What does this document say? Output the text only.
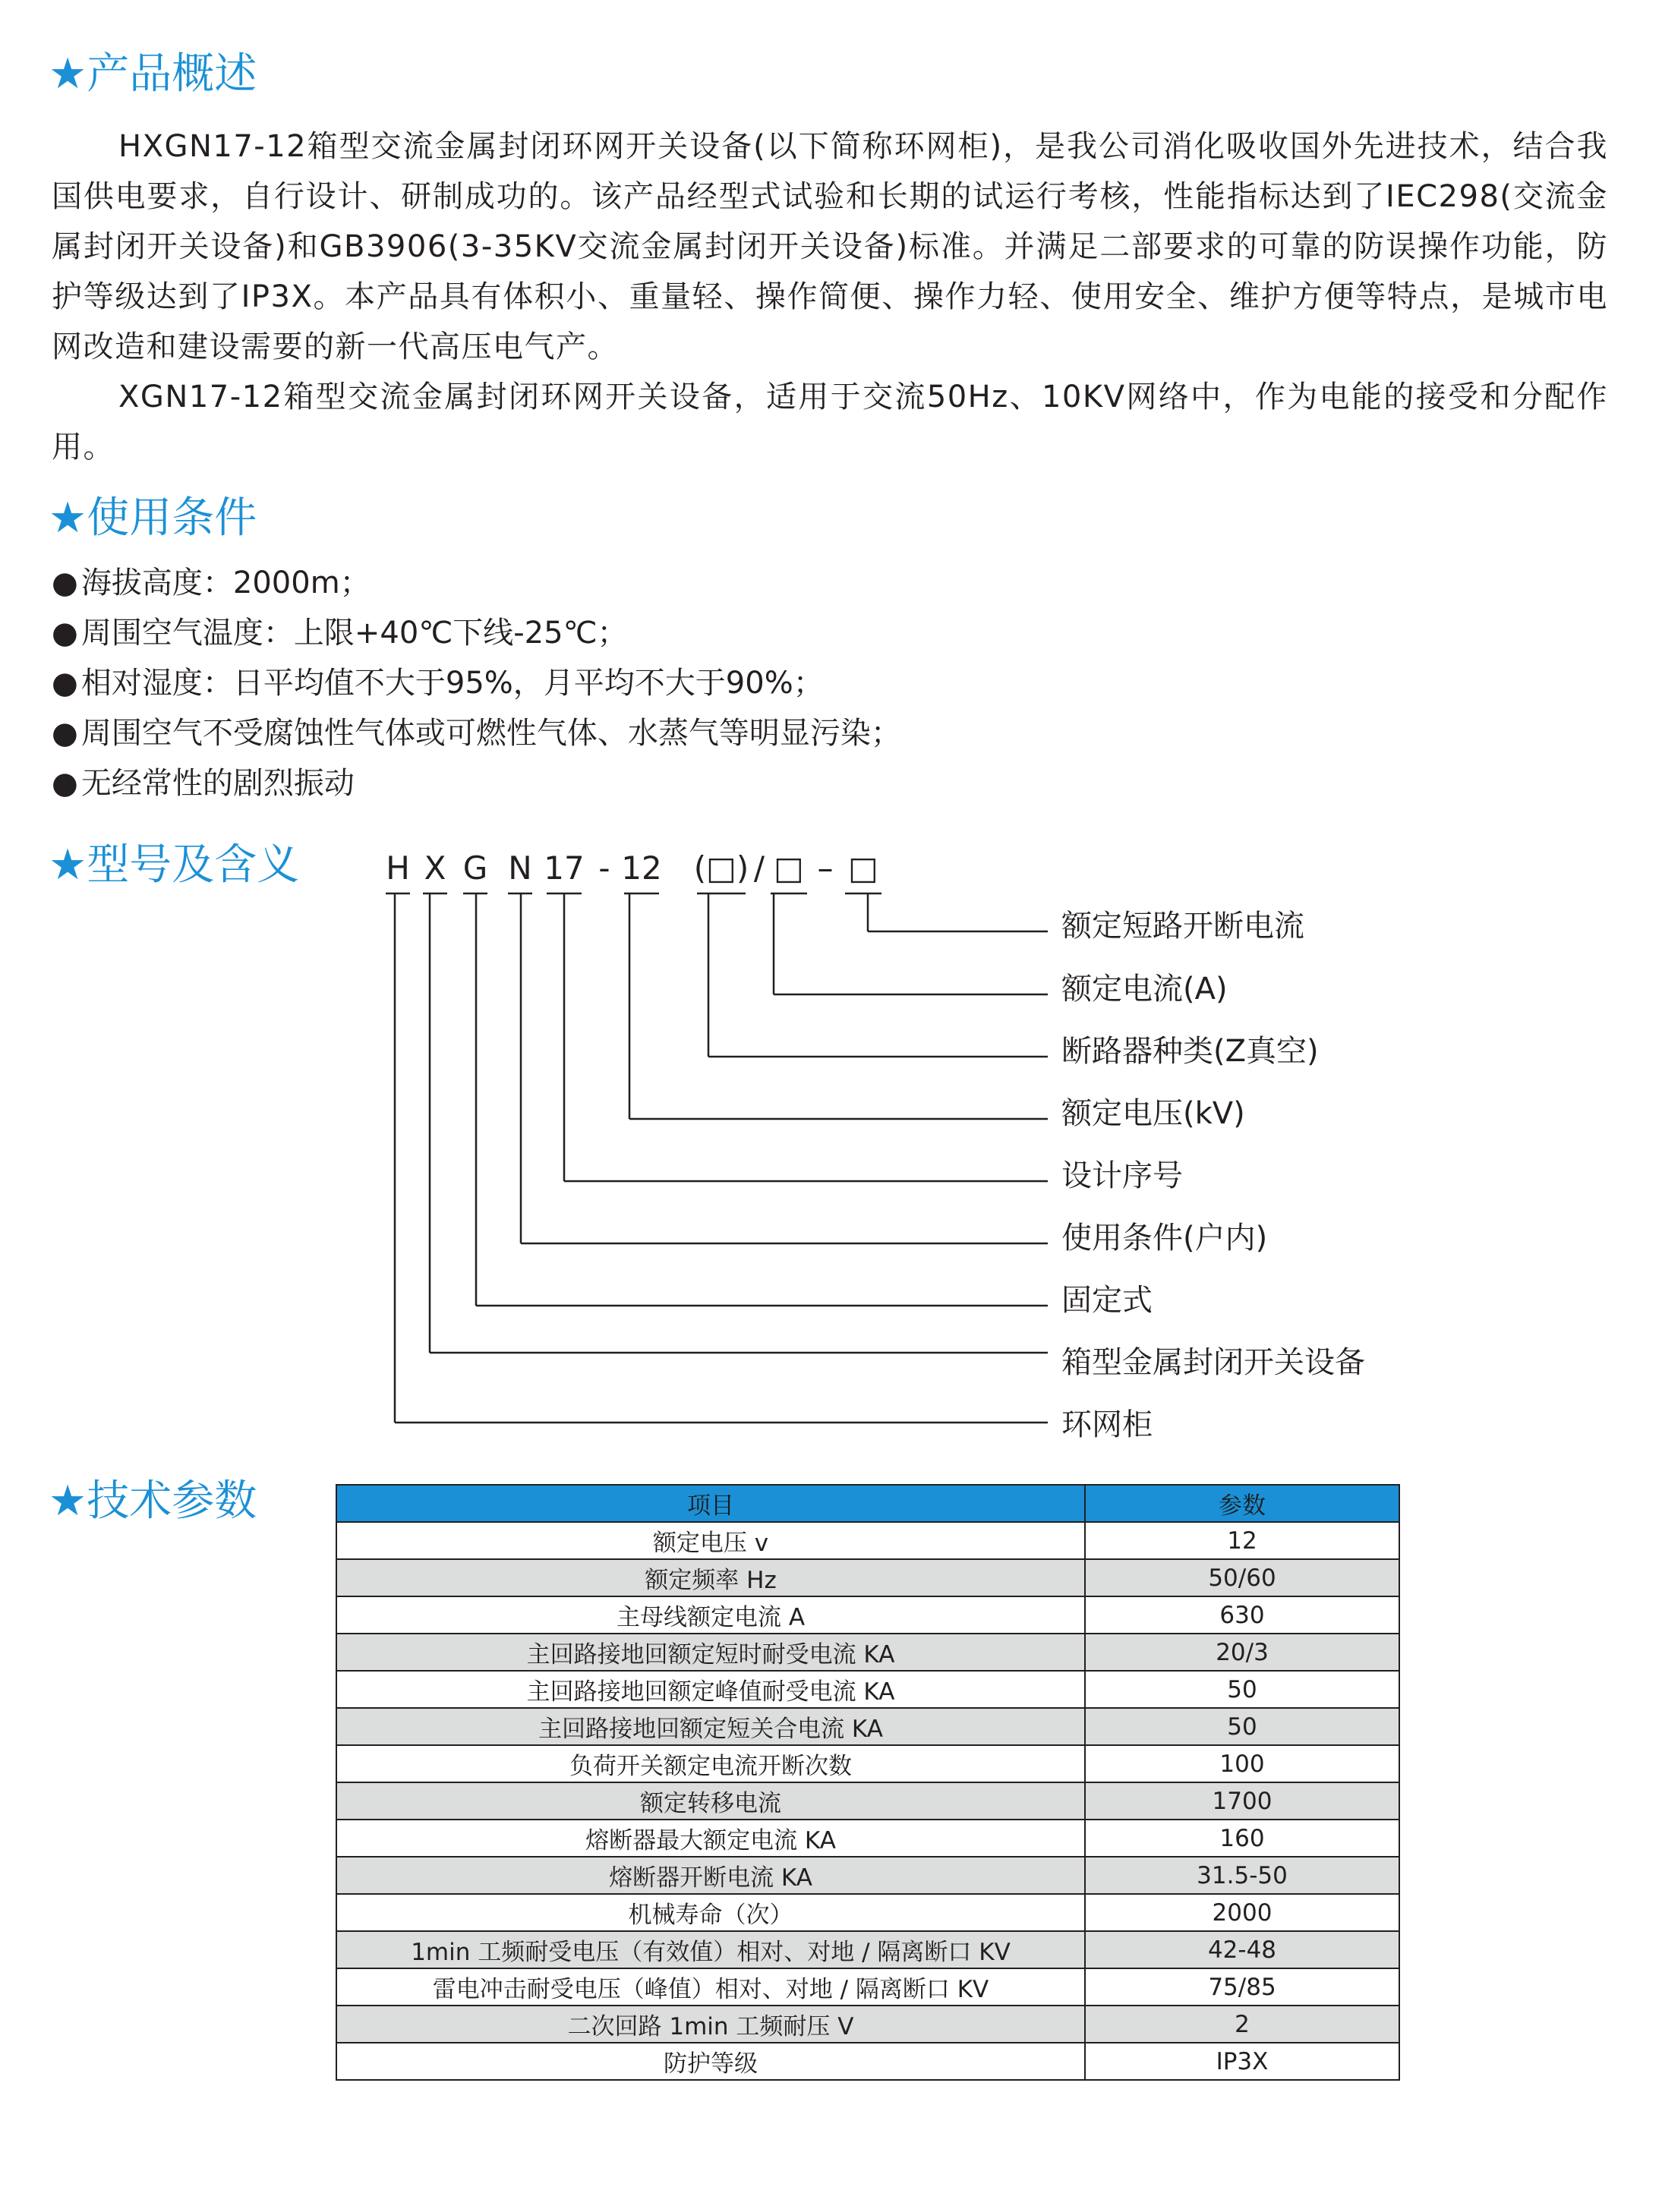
★产品概述

HXGN17-12箱型交流金属封闭环网开关设备(以下简称环网柜)，是我公司消化吸收国外先进技术，结合我国供电要求，自行设计、研制成功的。该产品经型式试验和长期的试运行考核，性能指标达到了IEC298(交流金属封闭开关设备)和GB3906(3-35KV交流金属封闭开关设备)标准。并满足二部要求的可靠的防误操作功能，防护等级达到了IP3X。本产品具有体积小、重量轻、操作简便、操作力轻、使用安全、维护方便等特点，是城市电网改造和建设需要的新一代高压电气产。

XGN17-12箱型交流金属封闭环网开关设备，适用于交流50Hz、10KV网络中，作为电能的接受和分配作用。

★使用条件
● 海拔高度：2000m；
● 周围空气温度：上限+40℃下线-25℃；
● 相对湿度：日平均值不大于95%，月平均不大于90%；
● 周围空气不受腐蚀性气体或可燃性气体、水蒸气等明显污染；
● 无经常性的剧烈振动
★型号及含义	H X G N 17 - 12 (□) / □ – □
额定短路开断电流
额定电流(A)
断路器种类(Z真空)
额定电压(kV)
设计序号
使用条件(户内)
固定式
箱型金属封闭开关设备
环网柜
★技术参数	项目	参数
额定电压 v	12
额定频率 Hz	50/60
主母线额定电流 A	630
主回路接地回额定短时耐受电流 KA	20/3
主回路接地回额定峰值耐受电流 KA	50
主回路接地回额定短关合电流 KA	50
负荷开关额定电流开断次数	100
额定转移电流	1700
熔断器最大额定电流 KA	160
熔断器开断电流 KA	31.5-50
机械寿命（次）	2000
1min 工频耐受电压（有效值）相对、对地 / 隔离断口 KV	42-48
雷电冲击耐受电压（峰值）相对、对地 / 隔离断口 KV	75/85
二次回路 1min 工频耐压 V	2
防护等级	IP3X
